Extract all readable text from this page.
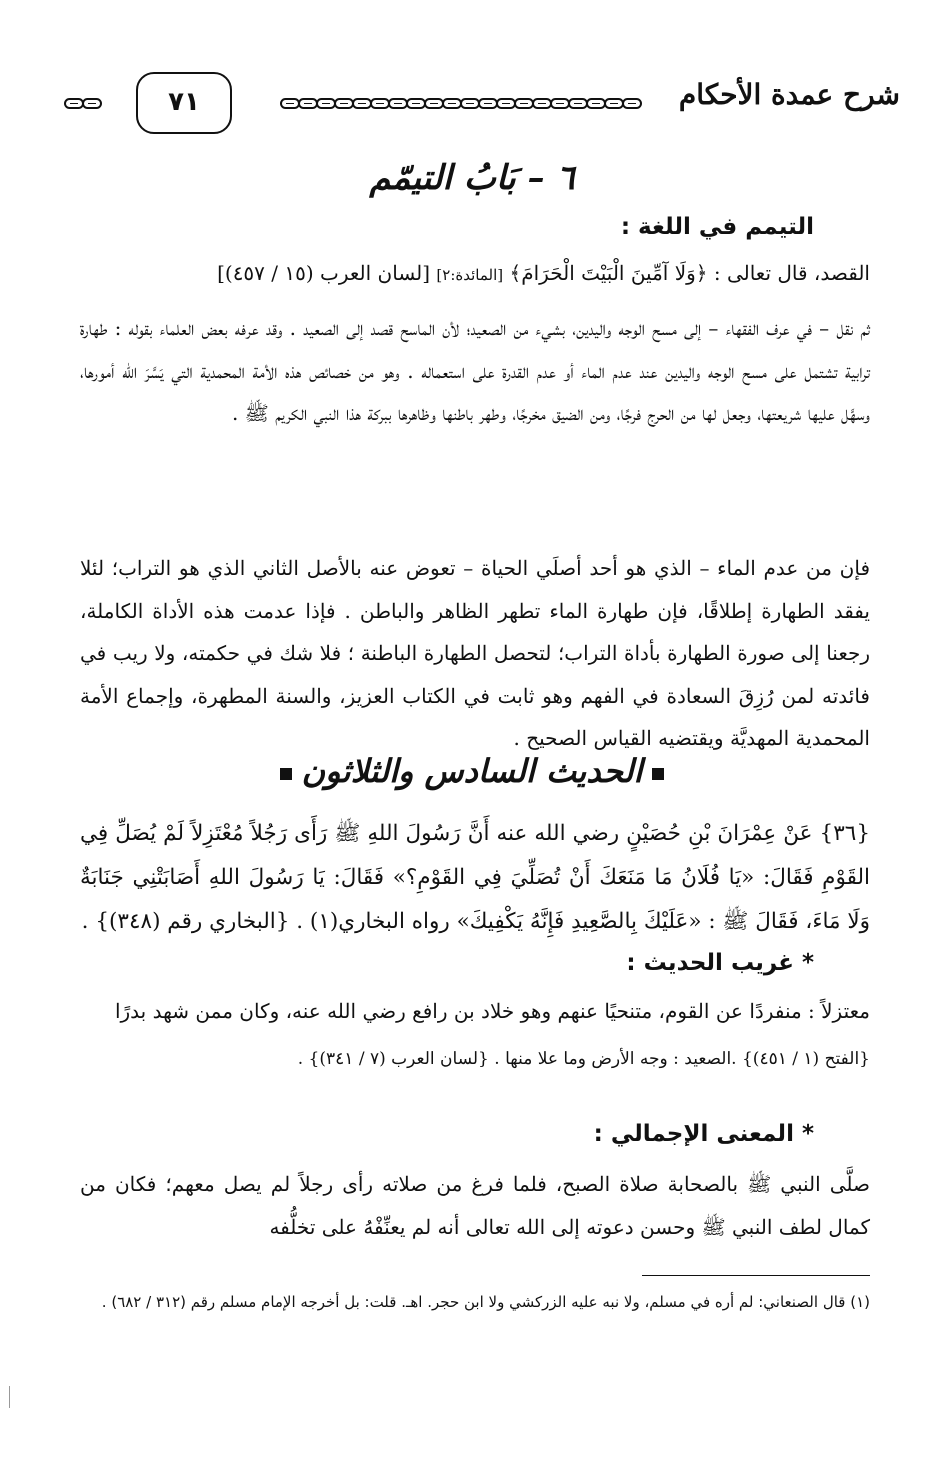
شرح عمدة الأحكام
٧١
٦ – بَابُ التيمّم
التيمم في اللغة :
القصد، قال تعالى : ﴿وَلَا آمِّينَ الْبَيْتَ الْحَرَامَ﴾ [المائدة:٢] [لسان العرب (١٥ / ٤٥٧)]
ثم نقل – في عرف الفقهاء – إلى مسح الوجه واليدين، بشيء من الصعيد؛ لأن الماسح قصد إلى الصعيد . وقد عرفه بعض العلماء بقوله : طهارة ترابية تشتمل على مسح الوجه واليدين عند عدم الماء أو عدم القدرة على استعماله . وهو من خصائص هذه الأمة المحمدية التي يَسَّرَ الله أمورها، وسهَّل عليها شريعتها، وجعل لها من الحرج فرجًا، ومن الضيق مخرجًا، وطهر باطنها وظاهرها ببركة هذا النبي الكريم ﷺ .
فإن من عدم الماء – الذي هو أحد أصلَي الحياة – تعوض عنه بالأصل الثاني الذي هو التراب؛ لئلا يفقد الطهارة إطلاقًا، فإن طهارة الماء تطهر الظاهر والباطن . فإذا عدمت هذه الأداة الكاملة، رجعنا إلى صورة الطهارة بأداة التراب؛ لتحصل الطهارة الباطنة ؛ فلا شك في حكمته، ولا ريب في فائدته لمن رُزِقَ السعادة في الفهم وهو ثابت في الكتاب العزيز، والسنة المطهرة، وإجماع الأمة المحمدية المهديَّة ويقتضيه القياس الصحيح .
الحديث السادس والثلاثون
{٣٦} عَنْ عِمْرَانَ بْنِ حُصَيْنٍ رضي الله عنه أَنَّ رَسُولَ اللهِ ﷺ رَأَى رَجُلاً مُعْتَزِلاً لَمْ يُصَلِّ فِي القَوْمِ فَقَالَ: «يَا فُلَانُ مَا مَنَعَكَ أَنْ تُصَلِّيَ فِي القَوْمِ؟» فَقَالَ: يَا رَسُولَ اللهِ أَصَابَتْنِي جَنَابَةٌ وَلَا مَاءَ، فَقَالَ ﷺ : «عَلَيْكَ بِالصَّعِيدِ فَإِنَّهُ يَكْفِيكَ» رواه البخاري(١) . {البخاري رقم (٣٤٨)} .
* غريب الحديث :
معتزلاً : منفردًا عن القوم، متنحيًا عنهم وهو خلاد بن رافع رضي الله عنه، وكان ممن شهد بدرًا
{الفتح (١ / ٤٥١)} .الصعيد : وجه الأرض وما علا منها . {لسان العرب (٧ / ٣٤١)} .
* المعنى الإجمالي :
صلَّى النبي ﷺ بالصحابة صلاة الصبح، فلما فرغ من صلاته رأى رجلاً لم يصل معهم؛ فكان من كمال لطف النبي ﷺ وحسن دعوته إلى الله تعالى أنه لم يعنِّفْهُ على تخلُّفه
(١) قال الصنعاني: لم أره في مسلم، ولا نبه عليه الزركشي ولا ابن حجر. اهـ. قلت: بل أخرجه الإمام مسلم رقم (٣١٢ / ٦٨٢) .
